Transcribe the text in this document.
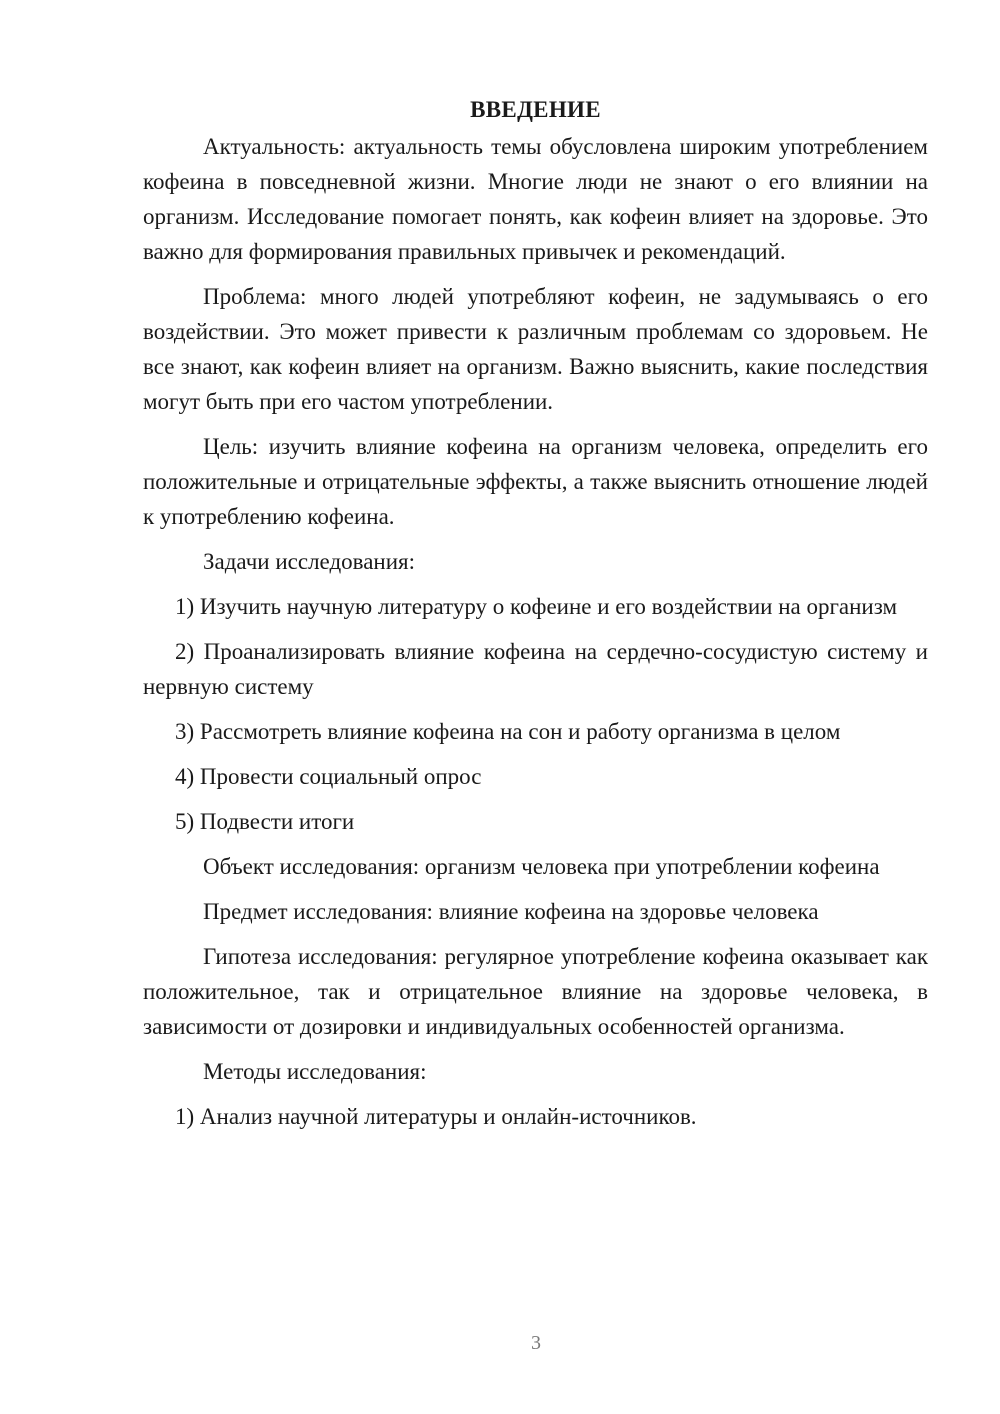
ВВЕДЕНИЕ

Актуальность: актуальность темы обусловлена широким употреблением кофеина в повседневной жизни. Многие люди не знают о его влиянии на организм. Исследование помогает понять, как кофеин влияет на здоровье. Это важно для формирования правильных привычек и рекомендаций.

Проблема: много людей употребляют кофеин, не задумываясь о его воздействии. Это может привести к различным проблемам со здоровьем. Не все знают, как кофеин влияет на организм. Важно выяснить, какие последствия могут быть при его частом употреблении.

Цель: изучить влияние кофеина на организм человека, определить его положительные и отрицательные эффекты, а также выяснить отношение людей к употреблению кофеина.

Задачи исследования:

1) Изучить научную литературу о кофеине и его воздействии на организм

2) Проанализировать влияние кофеина на сердечно-сосудистую систему и нервную систему

3) Рассмотреть влияние кофеина на сон и работу организма в целом

4) Провести социальный опрос

5) Подвести итоги

Объект исследования: организм человека при употреблении кофеина

Предмет исследования: влияние кофеина на здоровье человека

Гипотеза исследования: регулярное употребление кофеина оказывает как положительное, так и отрицательное влияние на здоровье человека, в зависимости от дозировки и индивидуальных особенностей организма.

Методы исследования:

1) Анализ научной литературы и онлайн-источников.

3
